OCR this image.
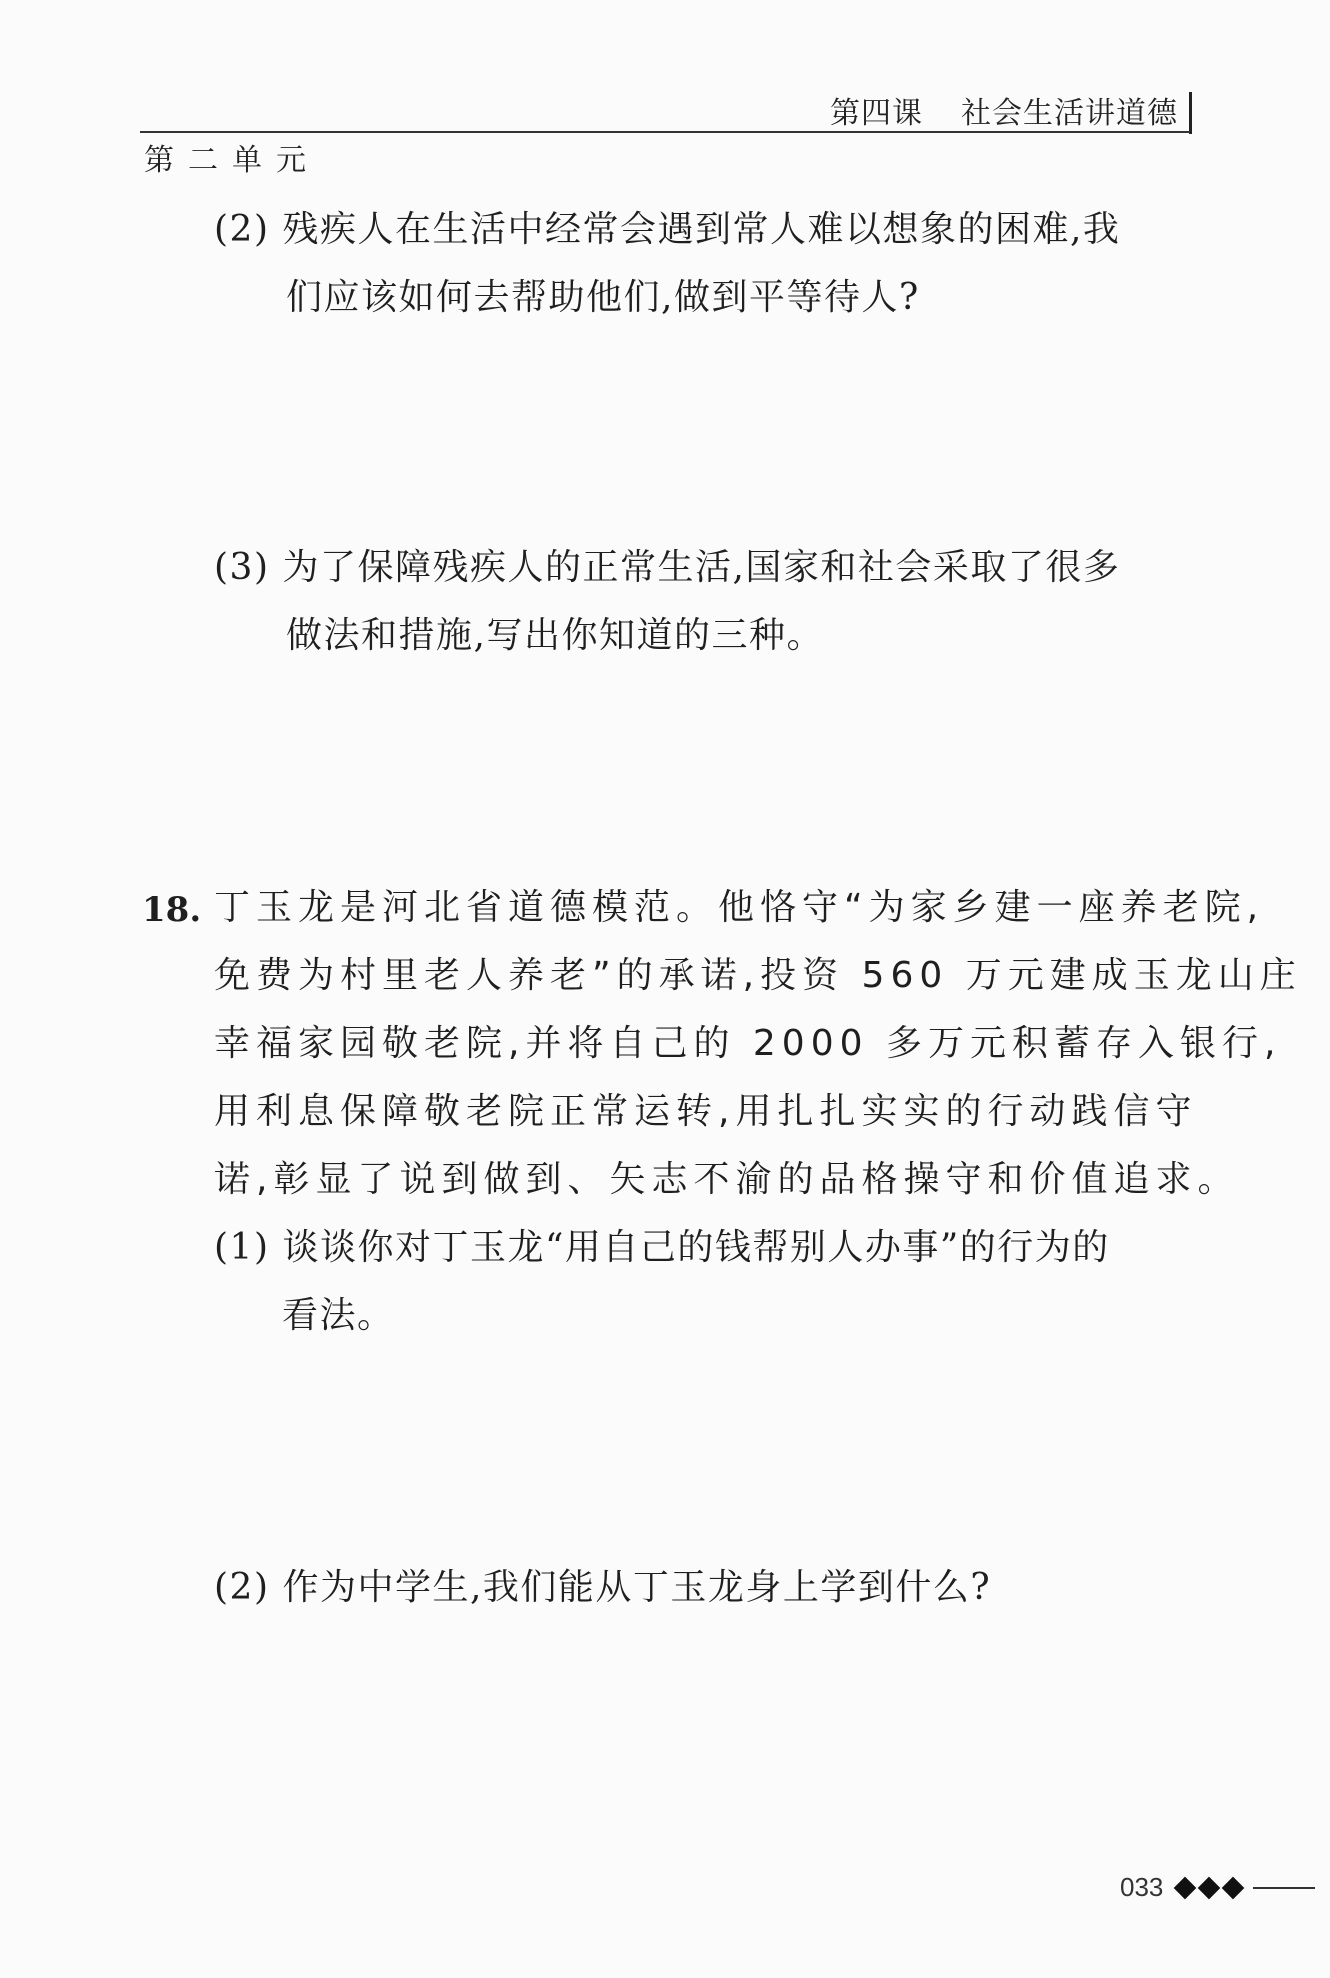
第四课 社会生活讲道德
第二单元
(2) 残疾人在生活中经常会遇到常人难以想象的困难,我
们应该如何去帮助他们,做到平等待人?
(3) 为了保障残疾人的正常生活,国家和社会采取了很多
做法和措施,写出你知道的三种。
18. 丁玉龙是河北省道德模范。他恪守“为家乡建一座养老院,
免费为村里老人养老”的承诺,投资 560 万元建成玉龙山庄
幸福家园敬老院,并将自己的 2000 多万元积蓄存入银行,
用利息保障敬老院正常运转,用扎扎实实的行动践信守
诺,彰显了说到做到、矢志不渝的品格操守和价值追求。
(1) 谈谈你对丁玉龙“用自己的钱帮别人办事”的行为的
看法。
(2) 作为中学生,我们能从丁玉龙身上学到什么?
033
